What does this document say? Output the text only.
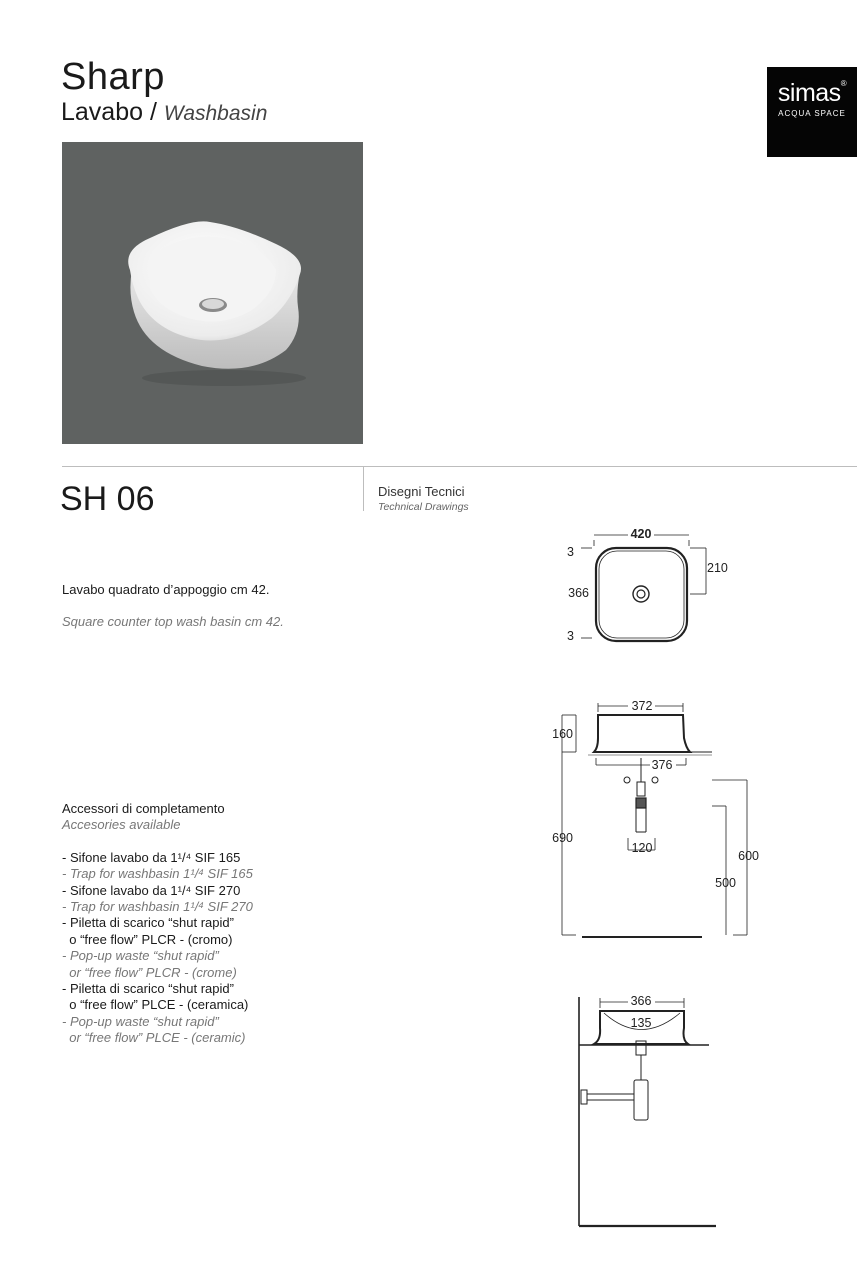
Sharp
Lavabo / Washbasin
simas®
ACQUA SPACE
SH 06	Disegni Tecnici
Technical Drawings
Lavabo quadrato d’appoggio cm 42.
Square counter top wash basin cm 42.
Accessori di completamento
Accesories available
- Sifone lavabo da 1¹/⁴ SIF 165
- Trap for washbasin 1¹/⁴ SIF 165
- Sifone lavabo da 1¹/⁴ SIF 270
- Trap for washbasin 1¹/⁴ SIF 270
- Piletta di scarico “shut rapid”
o “free flow” PLCR - (cromo)
- Pop-up waste “shut rapid”
or “free flow” PLCR - (crome)
- Piletta di scarico “shut rapid”
o “free flow” PLCE - (ceramica)
- Pop-up waste “shut rapid”
or “free flow” PLCE - (ceramic)
420
3
366
3
210
372
160
376
690
120
600
500
366
135
